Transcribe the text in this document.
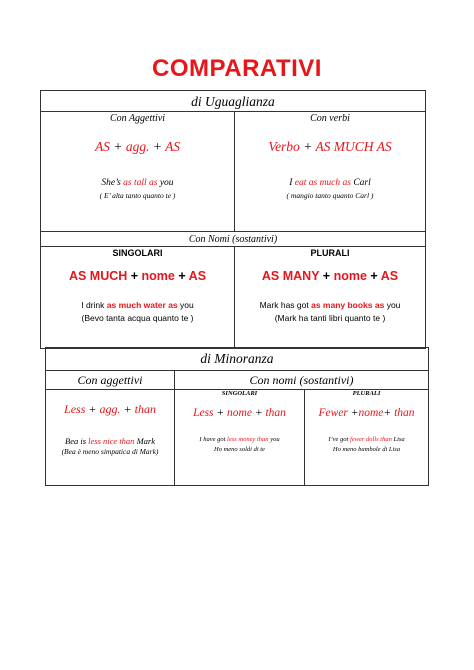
COMPARATIVI
di Uguaglianza
Con Aggettivi
AS + agg. + AS
She’s as tall as you
( E’ alta tanto quanto te )
Con verbi
Verbo + AS MUCH AS
I eat as much as Carl
( mangio tanto quanto Carl )
Con Nomi (sostantivi)
SINGOLARI
AS MUCH + nome + AS
I drink as much water as you
(Bevo tanta acqua quanto te )
PLURALI
AS MANY + nome + AS
Mark has got as many books as you
(Mark ha tanti libri quanto te )
di Minoranza
Con aggettivi
Less + agg. + than
Bea is less nice than Mark
(Bea è meno simpatica di Mark)
Con nomi (sostantivi)
SINGOLARI
Less + nome + than
I have got less money than you
Ho meno soldi di te
PLURALI
Fewer +nome+ than
I’ve got fewer dolls than Lisa
Ho meno bambole di Lisa
